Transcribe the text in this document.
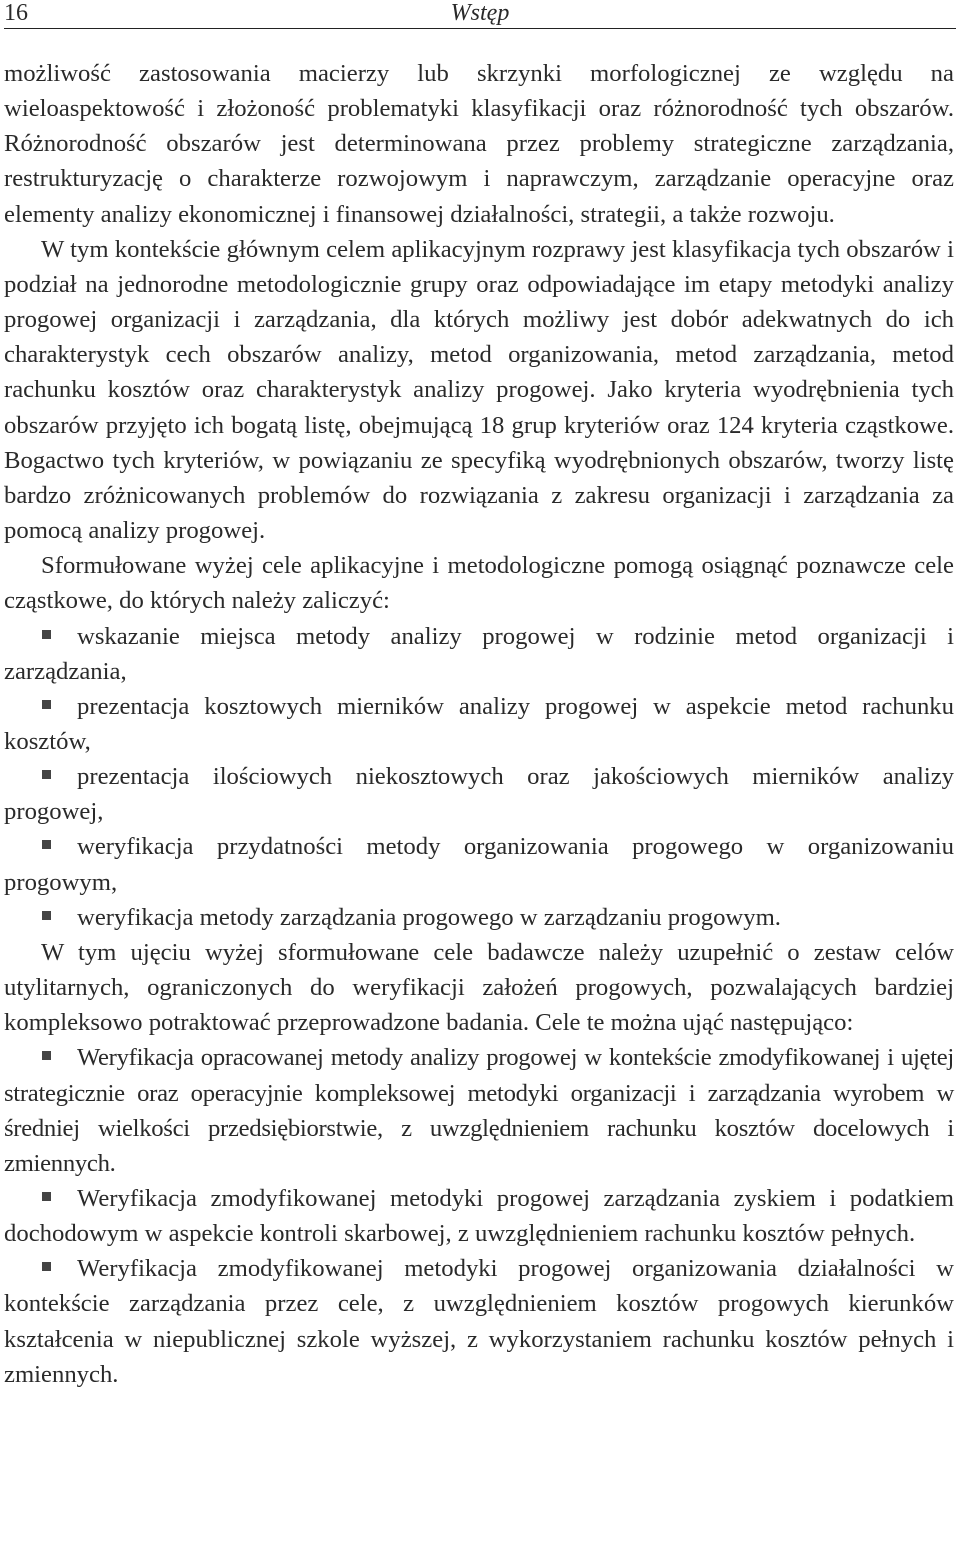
16	Wstęp

możliwość zastosowania macierzy lub skrzynki morfologicznej ze względu na wieloaspektowość i złożoność problematyki klasyfikacji oraz różnorodność tych obszarów. Różnorodność obszarów jest determinowana przez problemy strategiczne zarządzania, restrukturyzację o charakterze rozwojowym i naprawczym, zarządzanie operacyjne oraz elementy analizy ekonomicznej i finansowej działalności, strategii, a także rozwoju.

W tym kontekście głównym celem aplikacyjnym rozprawy jest klasyfikacja tych obszarów i podział na jednorodne metodologicznie grupy oraz odpowiadające im etapy metodyki analizy progowej organizacji i zarządzania, dla których możliwy jest dobór adekwatnych do ich charakterystyk cech obszarów analizy, metod organizowania, metod zarządzania, metod rachunku kosztów oraz charakterystyk analizy progowej. Jako kryteria wyodrębnienia tych obszarów przyjęto ich bogatą listę, obejmującą 18 grup kryteriów oraz 124 kryteria cząstkowe. Bogactwo tych kryteriów, w powiązaniu ze specyfiką wyodrębnionych obszarów, tworzy listę bardzo zróżnicowanych problemów do rozwiązania z zakresu organizacji i zarządzania za pomocą analizy progowej.

Sformułowane wyżej cele aplikacyjne i metodologiczne pomogą osiągnąć poznawcze cele cząstkowe, do których należy zaliczyć:

wskazanie miejsca metody analizy progowej w rodzinie metod organizacji i zarządzania,

prezentacja kosztowych mierników analizy progowej w aspekcie metod rachunku kosztów,

prezentacja ilościowych niekosztowych oraz jakościowych mierników analizy progowej,

weryfikacja przydatności metody organizowania progowego w organizowaniu progowym,

weryfikacja metody zarządzania progowego w zarządzaniu progowym.

W tym ujęciu wyżej sformułowane cele badawcze należy uzupełnić o zestaw celów utylitarnych, ograniczonych do weryfikacji założeń progowych, pozwalających bardziej kompleksowo potraktować przeprowadzone badania. Cele te można ująć następująco:

Weryfikacja opracowanej metody analizy progowej w kontekście zmodyfikowanej i ujętej strategicznie oraz operacyjnie kompleksowej metodyki organizacji i zarządzania wyrobem w średniej wielkości przedsiębiorstwie, z uwzględnieniem rachunku kosztów docelowych i zmiennych.

Weryfikacja zmodyfikowanej metodyki progowej zarządzania zyskiem i podatkiem dochodowym w aspekcie kontroli skarbowej, z uwzględnieniem rachunku kosztów pełnych.

Weryfikacja zmodyfikowanej metodyki progowej organizowania działalności w kontekście zarządzania przez cele, z uwzględnieniem kosztów progowych kierunków kształcenia w niepublicznej szkole wyższej, z wykorzystaniem rachunku kosztów pełnych i zmiennych.
